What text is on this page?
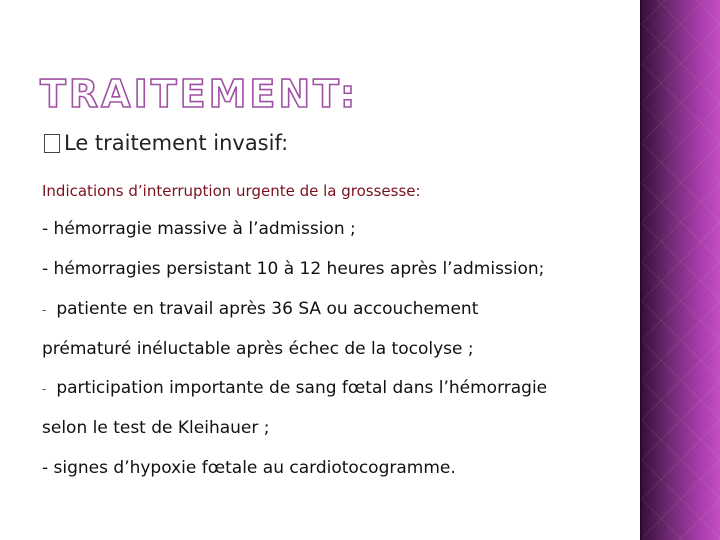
TRAITEMENT:
Le traitement invasif:
Indications d’interruption urgente de la grossesse:
- hémorragie massive à l’admission ;
- hémorragies persistant 10 à 12 heures après l’admission;
- patiente en travail après 36 SA ou accouchement
prématuré inéluctable après échec de la tocolyse ;
- participation importante de sang fœtal dans l’hémorragie
selon le test de Kleihauer ;
- signes d’hypoxie fœtale au cardiotocogramme.
